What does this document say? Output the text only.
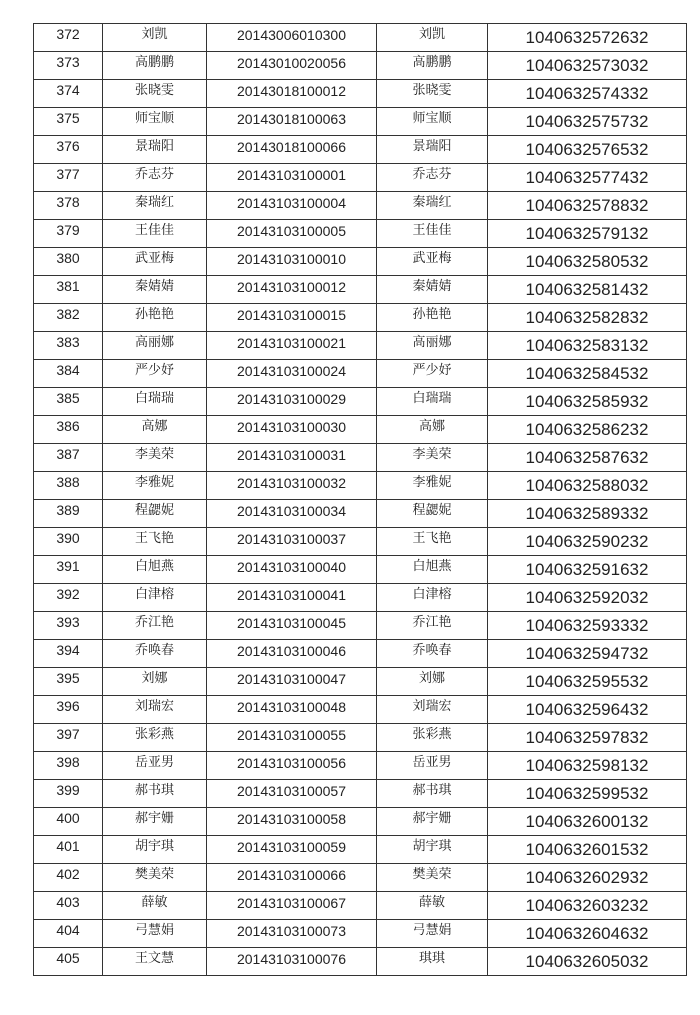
372	刘凯	20143006010300	刘凯	1040632572632
373	高鹏鹏	20143010020056	高鹏鹏	1040632573032
374	张晓雯	20143018100012	张晓雯	1040632574332
375	师宝顺	20143018100063	师宝顺	1040632575732
376	景瑞阳	20143018100066	景瑞阳	1040632576532
377	乔志芬	20143103100001	乔志芬	1040632577432
378	秦瑞红	20143103100004	秦瑞红	1040632578832
379	王佳佳	20143103100005	王佳佳	1040632579132
380	武亚梅	20143103100010	武亚梅	1040632580532
381	秦婧婧	20143103100012	秦婧婧	1040632581432
382	孙艳艳	20143103100015	孙艳艳	1040632582832
383	高丽娜	20143103100021	高丽娜	1040632583132
384	严少妤	20143103100024	严少妤	1040632584532
385	白瑞瑞	20143103100029	白瑞瑞	1040632585932
386	高娜	20143103100030	高娜	1040632586232
387	李美荣	20143103100031	李美荣	1040632587632
388	李雅妮	20143103100032	李雅妮	1040632588032
389	程勰妮	20143103100034	程勰妮	1040632589332
390	王飞艳	20143103100037	王飞艳	1040632590232
391	白旭燕	20143103100040	白旭燕	1040632591632
392	白津榕	20143103100041	白津榕	1040632592032
393	乔江艳	20143103100045	乔江艳	1040632593332
394	乔唤春	20143103100046	乔唤春	1040632594732
395	刘娜	20143103100047	刘娜	1040632595532
396	刘瑞宏	20143103100048	刘瑞宏	1040632596432
397	张彩燕	20143103100055	张彩燕	1040632597832
398	岳亚男	20143103100056	岳亚男	1040632598132
399	郝书琪	20143103100057	郝书琪	1040632599532
400	郝宇姗	20143103100058	郝宇姗	1040632600132
401	胡宇琪	20143103100059	胡宇琪	1040632601532
402	樊美荣	20143103100066	樊美荣	1040632602932
403	薛敏	20143103100067	薛敏	1040632603232
404	弓慧娟	20143103100073	弓慧娟	1040632604632
405	王文慧	20143103100076	琪琪	1040632605032
